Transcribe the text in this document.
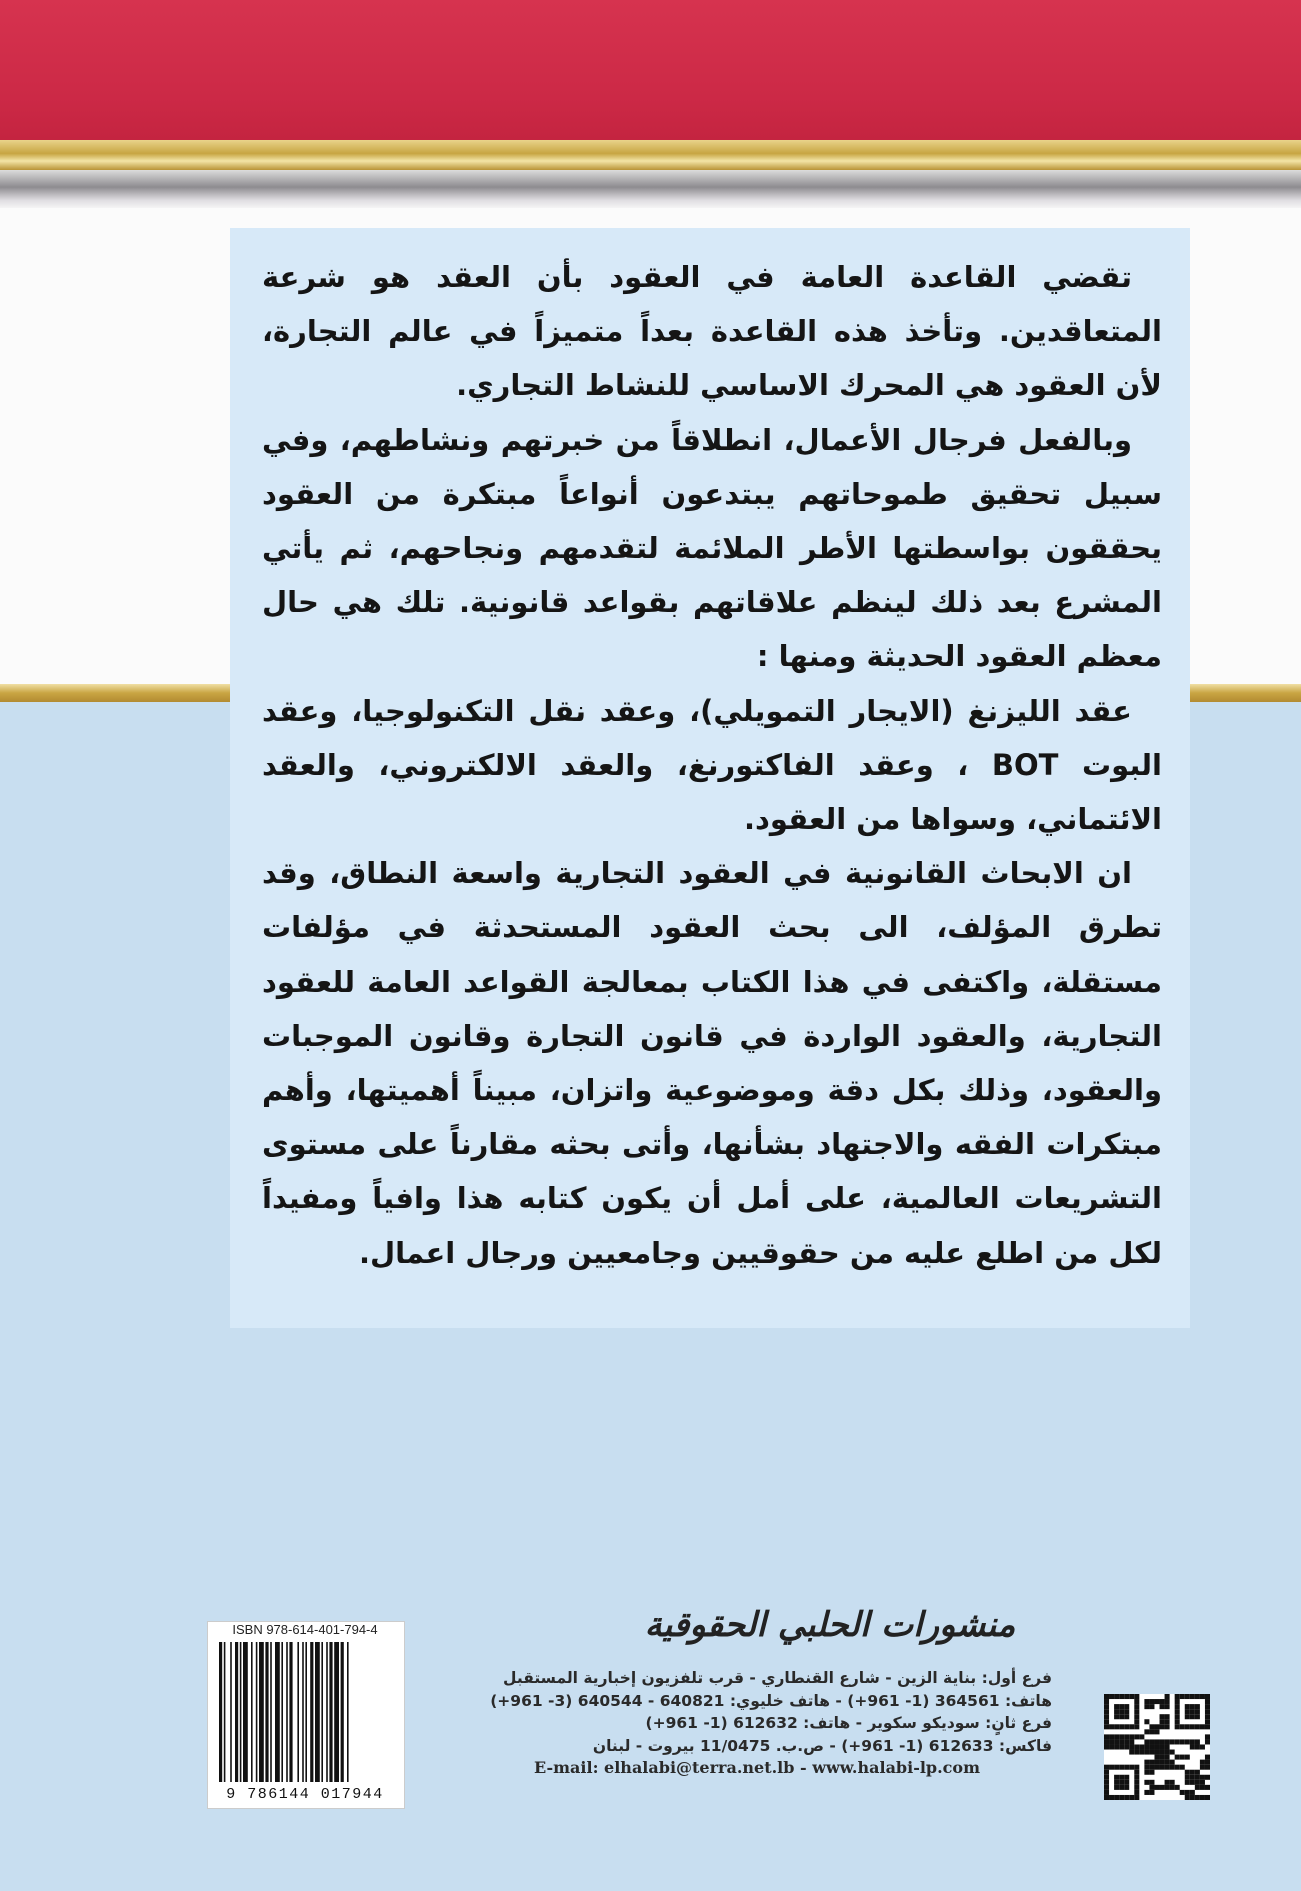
تقضي القاعدة العامة في العقود بأن العقد هو شرعة المتعاقدين. وتأخذ هذه القاعدة بعداً متميزاً في عالم التجارة، لأن العقود هي المحرك الاساسي للنشاط التجاري.

وبالفعل فرجال الأعمال، انطلاقاً من خبرتهم ونشاطهم، وفي سبيل تحقيق طموحاتهم يبتدعون أنواعاً مبتكرة من العقود يحققون بواسطتها الأطر الملائمة لتقدمهم ونجاحهم، ثم يأتي المشرع بعد ذلك لينظم علاقاتهم بقواعد قانونية. تلك هي حال معظم العقود الحديثة ومنها :

عقد الليزنغ (الايجار التمويلي)، وعقد نقل التكنولوجيا، وعقد البوت BOT ، وعقد الفاكتورنغ، والعقد الالكتروني، والعقد الائتماني، وسواها من العقود.

ان الابحاث القانونية في العقود التجارية واسعة النطاق، وقد تطرق المؤلف، الى بحث العقود المستحدثة في مؤلفات مستقلة، واكتفى في هذا الكتاب بمعالجة القواعد العامة للعقود التجارية، والعقود الواردة في قانون التجارة وقانون الموجبات والعقود، وذلك بكل دقة وموضوعية واتزان، مبيناً أهميتها، وأهم مبتكرات الفقه والاجتهاد بشأنها، وأتى بحثه مقارناً على مستوى التشريعات العالمية، على أمل أن يكون كتابه هذا وافياً ومفيداً لكل من اطلع عليه من حقوقيين وجامعيين ورجال اعمال.

منشورات الحلبي الحقوقية
فرع أول: بناية الزين - شارع القنطاري - قرب تلفزيون إخبارية المستقبل
هاتف: 364561 (1- 961+) - هاتف خليوي: 640821 - 640544 (3- 961+)
فرع ثانٍ: سوديكو سكوير - هاتف: 612632 (1- 961+)
فاكس: 612633 (1- 961+) - ص.ب. 11/0475 بيروت - لبنان
E-mail: elhalabi@terra.net.lb - www.halabi-lp.com
ISBN 978-614-401-794-4
9 786144 017944
